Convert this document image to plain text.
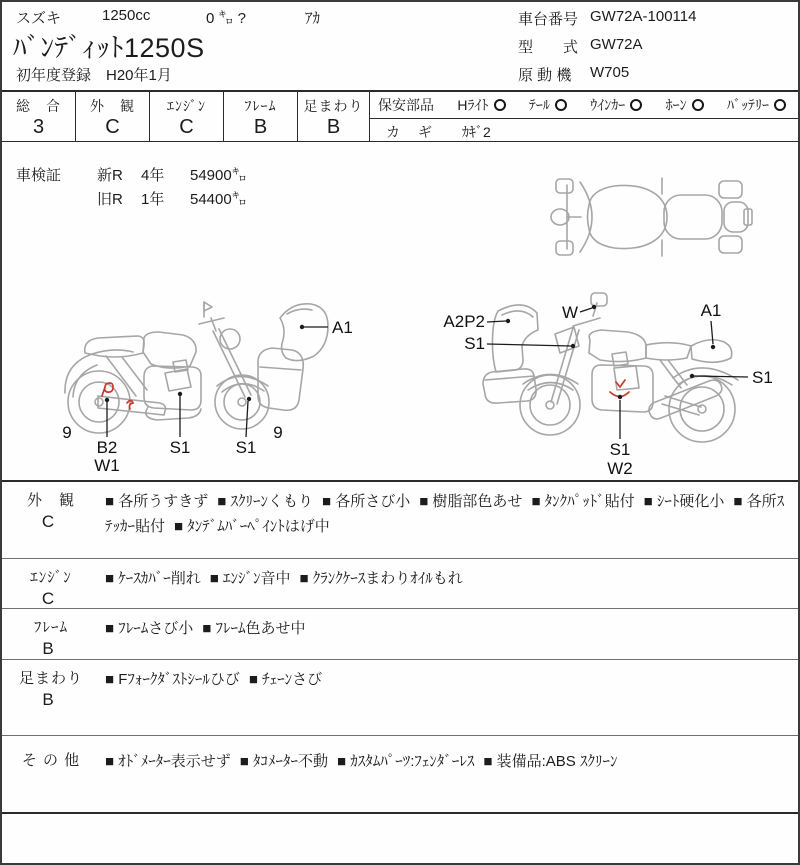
スズキ	1250cc	0 ㌔ ?	ｱｶ
ﾊﾞﾝﾃﾞｨｯﾄ1250S
初年度登録 H20年1月
車台番号 GW72A-100114
型　　式 GW72A
原 動 機 W705
総　合
3
外　観
C
ｴﾝｼﾞﾝ
C
ﾌﾚｰﾑ
B
足まわり
B
保安部品 Hﾗｲﾄ	ﾃｰﾙ	ｳｲﾝｶｰ	ﾎｰﾝ	ﾊﾞｯﾃﾘｰ
カ　ギ ｶｷﾞ2
車検証 新R 4年 54900㌔
旧R 1年 54400㌔
A1
B2
W1
S1	S1
9	9
A2P2
S1
W	A1
S1
S1
W2
外　観
C
■ 各所うすきず ■ ｽｸﾘｰﾝくもり ■ 各所さび小 ■ 樹脂部色あせ ■ ﾀﾝｸﾊﾟｯﾄﾞ貼付 ■ ｼｰﾄ硬化小 ■ 各所ｽﾃｯｶｰ貼付 ■ ﾀﾝﾃﾞﾑﾊﾞｰﾍﾟｲﾝﾄはげ中
ｴﾝｼﾞﾝ
C
■ ｹｰｽｶﾊﾞｰ削れ ■ ｴﾝｼﾞﾝ音中 ■ ｸﾗﾝｸｹｰｽまわりｵｲﾙもれ
ﾌﾚｰﾑ
B
■ ﾌﾚｰﾑさび小 ■ ﾌﾚｰﾑ色あせ中
足まわり
B
■ Fﾌｫｰｸﾀﾞｽﾄｼｰﾙひび ■ ﾁｪｰﾝさび
そ の 他	■ ｵﾄﾞﾒｰﾀｰ表示せず ■ ﾀｺﾒｰﾀｰ不動 ■ ｶｽﾀﾑﾊﾟｰﾂ:ﾌｪﾝﾀﾞｰﾚｽ ■ 装備品:ABS ｽｸﾘｰﾝ
